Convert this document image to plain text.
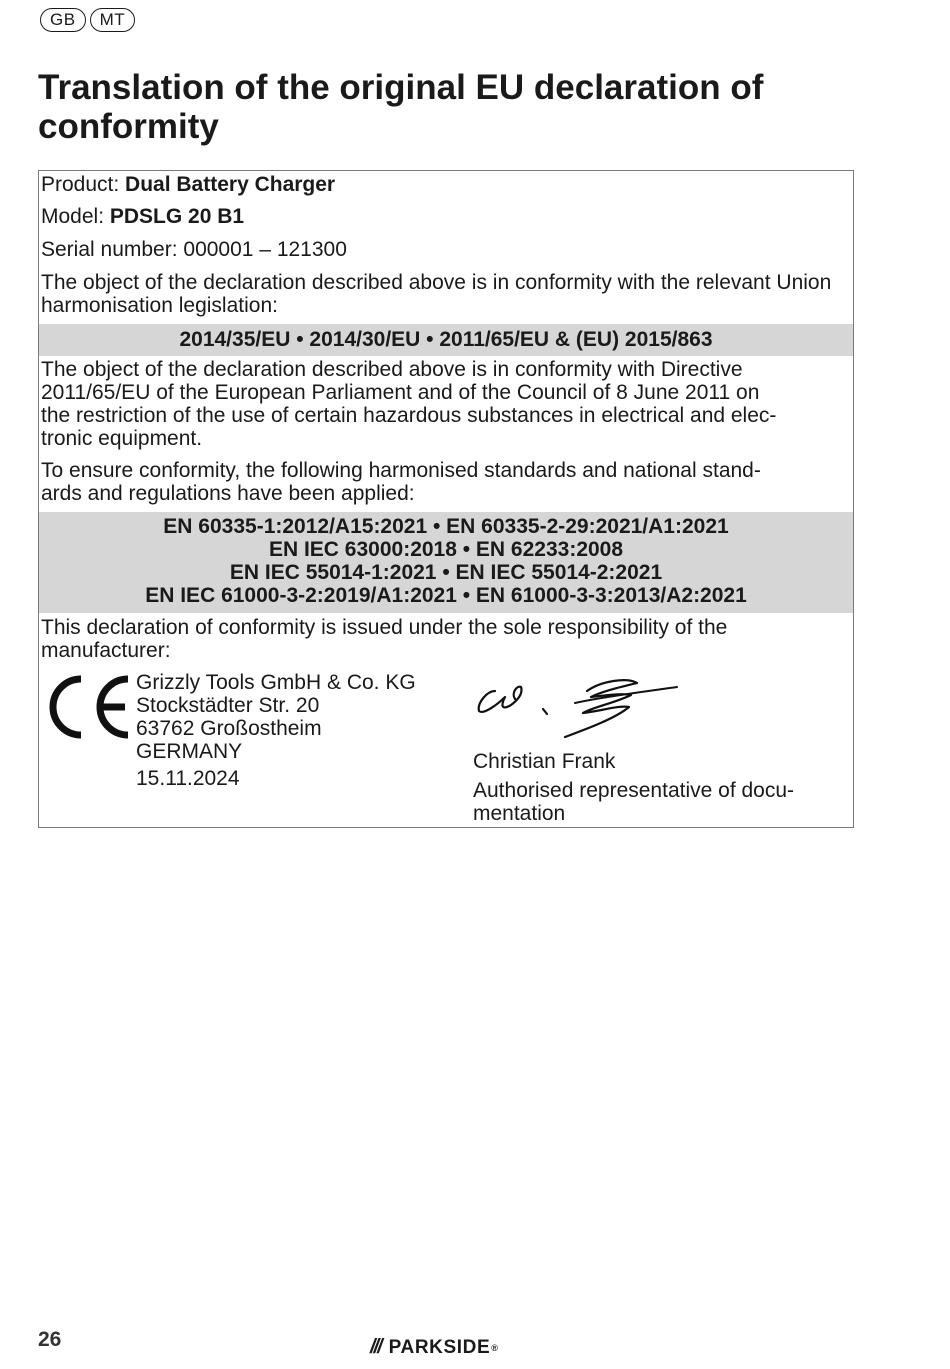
GB	MT
Translation of the original EU declaration of conformity
Product: Dual Battery Charger
Model: PDSLG 20 B1
Serial number: 000001 – 121300
The object of the declaration described above is in conformity with the relevant Union harmonisation legislation:
2014/35/EU • 2014/30/EU • 2011/65/EU & (EU) 2015/863
The object of the declaration described above is in conformity with Directive
2011/65/EU of the European Parliament and of the Council of 8 June 2011 on
the restriction of the use of certain hazardous substances in electrical and elec-
tronic equipment.
To ensure conformity, the following harmonised standards and national stand-
ards and regulations have been applied:
EN 60335-1:2012/A15:2021 • EN 60335-2-29:2021/A1:2021
EN IEC 63000:2018 • EN 62233:2008
EN IEC 55014-1:2021 • EN IEC 55014-2:2021
EN IEC 61000-3-2:2019/A1:2021 • EN 61000-3-3:2013/A2:2021
This declaration of conformity is issued under the sole responsibility of the
manufacturer:
Grizzly Tools GmbH & Co. KG
Stockstädter Str. 20
63762 Großostheim
GERMANY
15.11.2024
Christian Frank
Authorised representative of docu-
mentation
26	/// PARKSIDE ®
